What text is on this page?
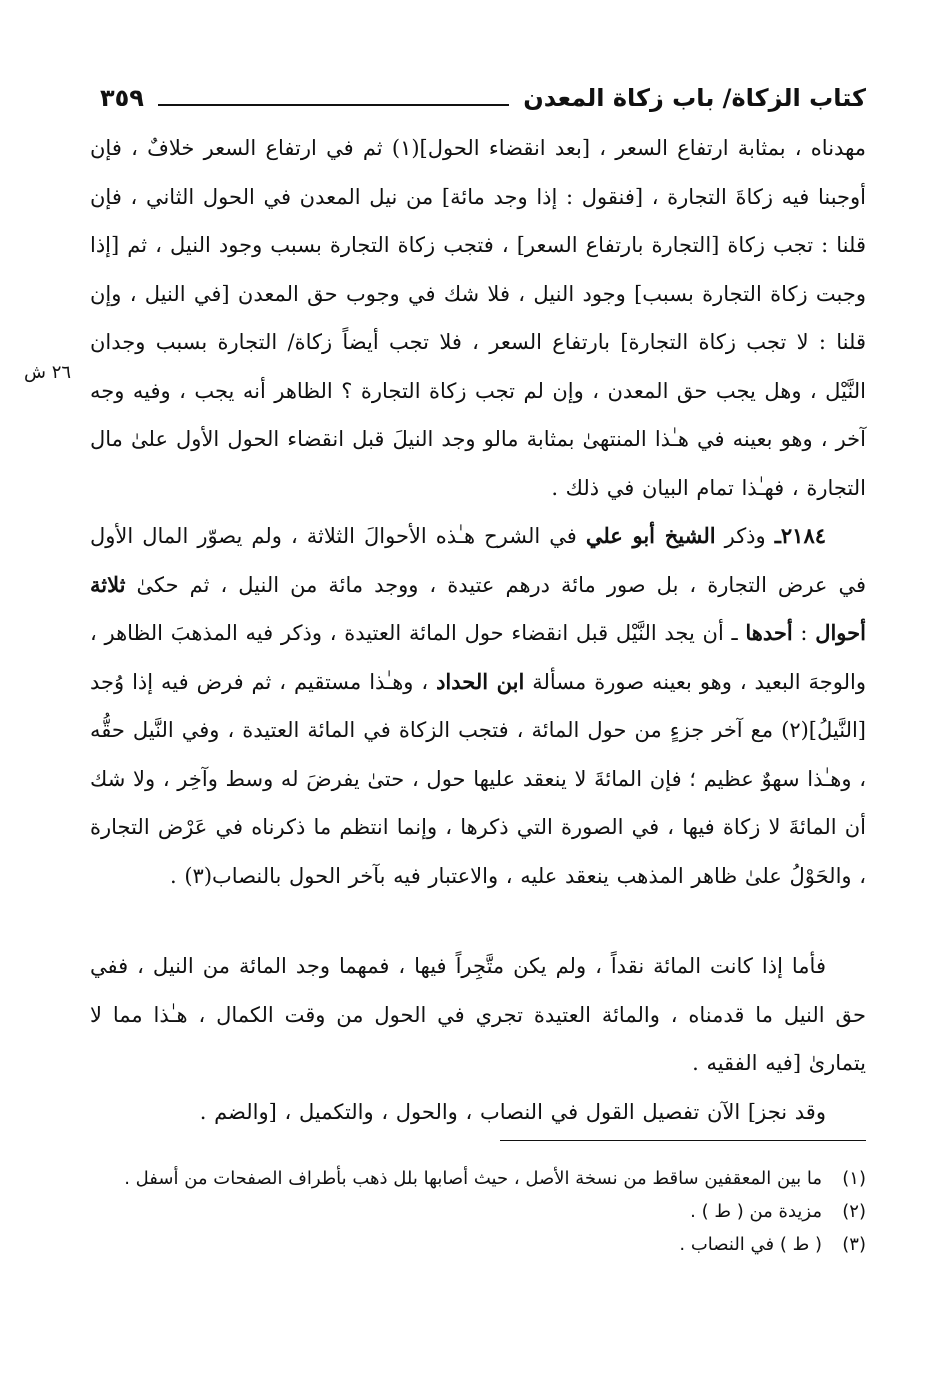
كتاب الزكاة/ باب زكاة المعدن
٣٥٩
٢٦ ش

مهدناه ، بمثابة ارتفاع السعر ، [بعد انقضاء الحول](١) ثم في ارتفاع السعر خلافٌ ، فإن أوجبنا فيه زكاةَ التجارة ، [فنقول : إذا وجد مائة] من نيل المعدن في الحول الثاني ، فإن قلنا : تجب زكاة [التجارة بارتفاع السعر] ، فتجب زكاة التجارة بسبب وجود النيل ، ثم [إذا وجبت زكاة التجارة بسبب] وجود النيل ، فلا شك في وجوب حق المعدن [في النيل ، وإن قلنا : لا تجب زكاة التجارة] بارتفاع السعر ، فلا تجب أيضاً زكاة/ التجارة بسبب وجدان النَّيْل ، وهل يجب حق المعدن ، وإن لم تجب زكاة التجارة ؟ الظاهر أنه يجب ، وفيه وجه آخر ، وهو بعينه في هـٰذا المنتهىٰ بمثابة مالو وجد النيلَ قبل انقضاء الحول الأول علىٰ مال التجارة ، فهـٰذا تمام البيان في ذلك .

٢١٨٤ـ وذكر الشيخ أبو علي في الشرح هـٰذه الأحوالَ الثلاثة ، ولم يصوّر المال الأول في عرض التجارة ، بل صور مائة درهم عتيدة ، ووجد مائة من النيل ، ثم حكىٰ ثلاثة أحوال : أحدها ـ أن يجد النَّيْل قبل انقضاء حول المائة العتيدة ، وذكر فيه المذهبَ الظاهر ، والوجهَ البعيد ، وهو بعينه صورة مسألة ابن الحداد ، وهـٰذا مستقيم ، ثم فرض فيه إذا وُجد [النَّيلُ](٢) مع آخر جزءٍ من حول المائة ، فتجب الزكاة في المائة العتيدة ، وفي النَّيل حقُّه ، وهـٰذا سهوٌ عظيم ؛ فإن المائةَ لا ينعقد عليها حول ، حتىٰ يفرضَ له وسط وآخِر ، ولا شك أن المائةَ لا زكاة فيها ، في الصورة التي ذكرها ، وإنما انتظم ما ذكرناه في عَرْض التجارة ، والحَوْلُ علىٰ ظاهر المذهب ينعقد عليه ، والاعتبار فيه بآخر الحول بالنصاب(٣) .

فأما إذا كانت المائة نقداً ، ولم يكن متَّجِراً فيها ، فمهما وجد المائة من النيل ، ففي حق النيل ما قدمناه ، والمائة العتيدة تجري في الحول من وقت الكمال ، هـٰذا مما لا يتمارىٰ [فيه الفقيه .

وقد نجز] الآن تفصيل القول في النصاب ، والحول ، والتكميل ، [والضم .

(١)
ما بين المعقفين ساقط من نسخة الأصل ، حيث أصابها بلل ذهب بأطراف الصفحات من أسفل .
(٢)
مزيدة من ( ط ) .
(٣)
( ط ) في النصاب .
